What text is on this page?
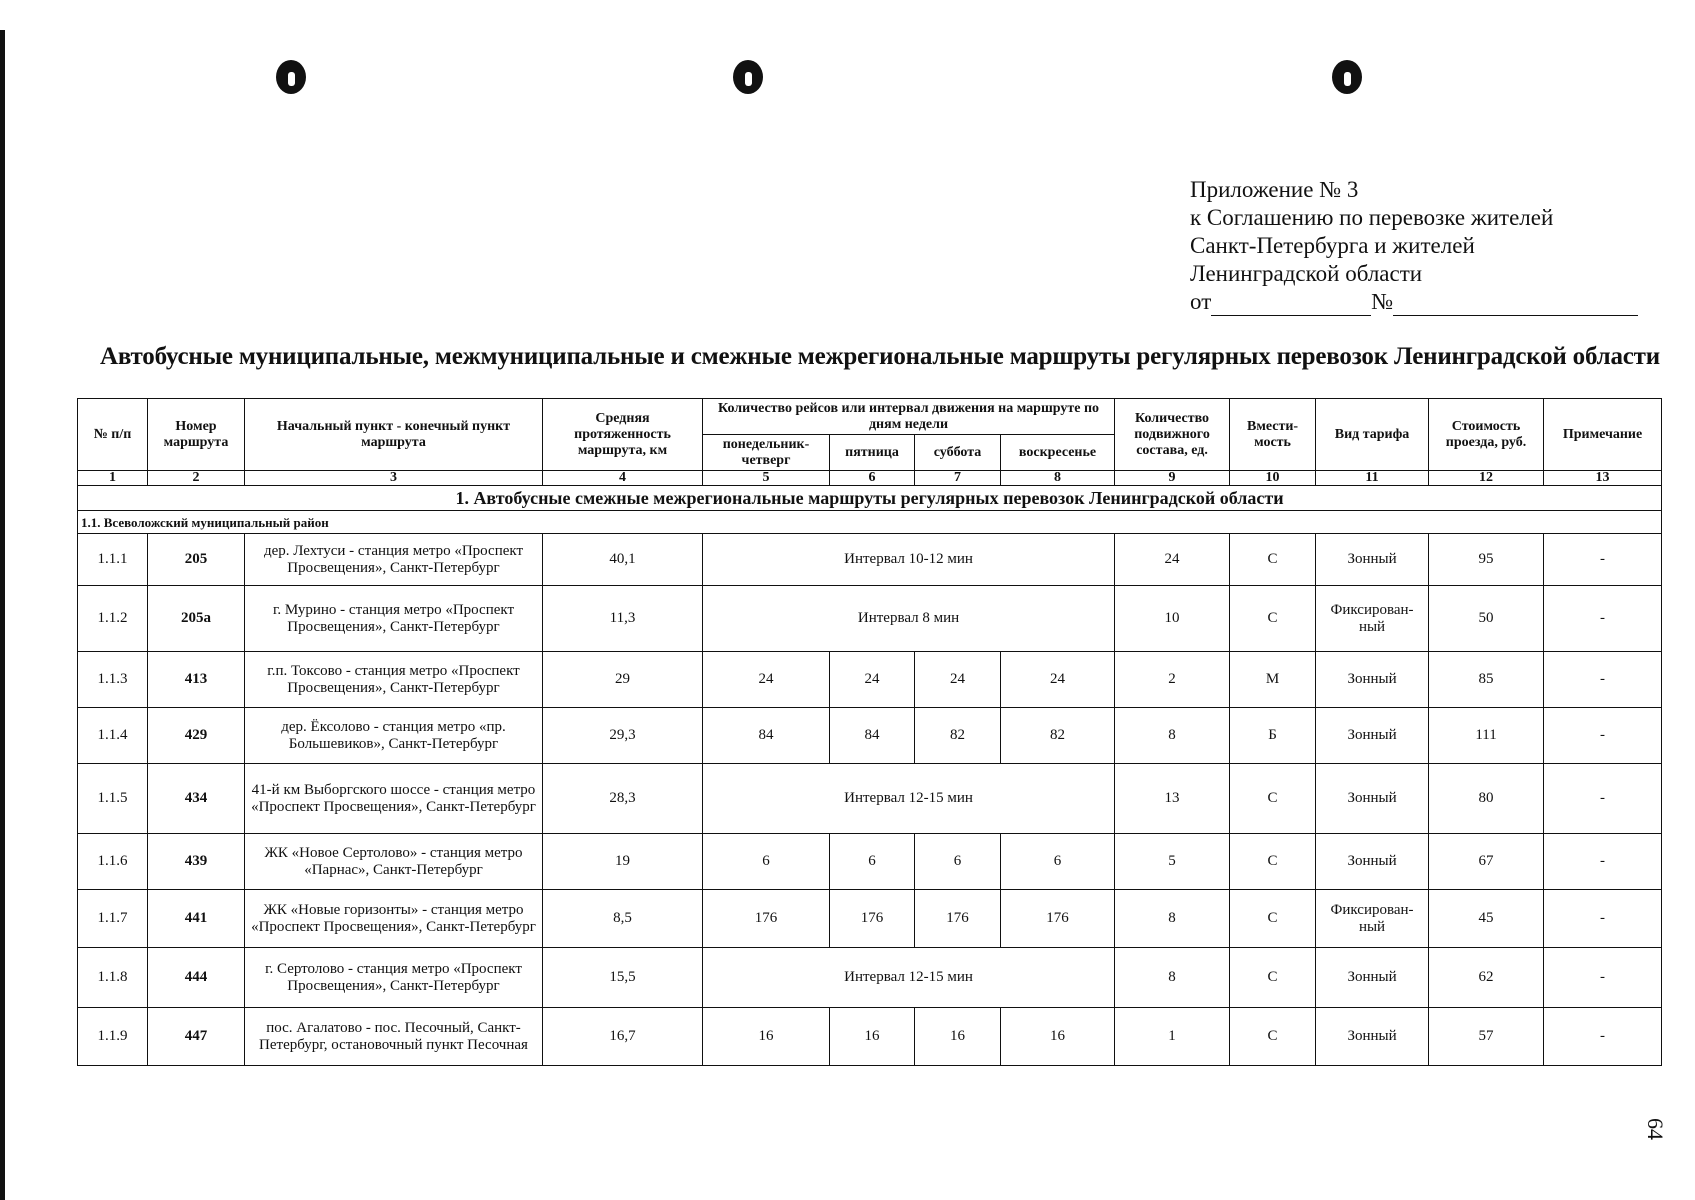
Приложение № 3
к Соглашению по перевозке жителей
Санкт-Петербурга и жителей
Ленинградской области
от	№
Автобусные муниципальные, межмуниципальные и смежные межрегиональные маршруты регулярных перевозок Ленинградской области
№ п/п	Номер маршрута	Начальный пункт - конечный пункт маршрута	Средняя протяженность маршрута, км	Количество рейсов или интервал движения на маршруте по дням недели				Количество подвижного состава, ед.	Вмести-мость	Вид тарифа	Стоимость проезда, руб.	Примечание
				понедельник-четверг	пятница	суббота	воскресенье					
1	2	3	4	5	6	7	8	9	10	11	12	13
1. Автобусные смежные межрегиональные маршруты регулярных перевозок Ленинградской области												
1.1. Всеволожский муниципальный район												
1.1.1	205	дер. Лехтуси - станция метро «Проспект Просвещения», Санкт-Петербург	40,1	Интервал 10-12 мин				24	С	Зонный	95	-
1.1.2	205а	г. Мурино - станция метро «Проспект Просвещения», Санкт-Петербург	11,3	Интервал 8 мин				10	С	Фиксирован-ный	50	-
1.1.3	413	г.п. Токсово - станция метро «Проспект Просвещения», Санкт-Петербург	29	24	24	24	24	2	М	Зонный	85	-
1.1.4	429	дер. Ёксолово - станция метро «пр. Большевиков», Санкт-Петербург	29,3	84	84	82	82	8	Б	Зонный	111	-
1.1.5	434	41-й км Выборгского шоссе - станция метро «Проспект Просвещения», Санкт-Петербург	28,3	Интервал 12-15 мин				13	С	Зонный	80	-
1.1.6	439	ЖК «Новое Сертолово» - станция метро «Парнас», Санкт-Петербург	19	6	6	6	6	5	С	Зонный	67	-
1.1.7	441	ЖК «Новые горизонты» - станция метро «Проспект Просвещения», Санкт-Петербург	8,5	176	176	176	176	8	С	Фиксирован-ный	45	-
1.1.8	444	г. Сертолово - станция метро «Проспект Просвещения», Санкт-Петербург	15,5	Интервал 12-15 мин				8	С	Зонный	62	-
1.1.9	447	пос. Агалатово - пос. Песочный, Санкт-Петербург, остановочный пункт Песочная	16,7	16	16	16	16	1	С	Зонный	57	-
64
